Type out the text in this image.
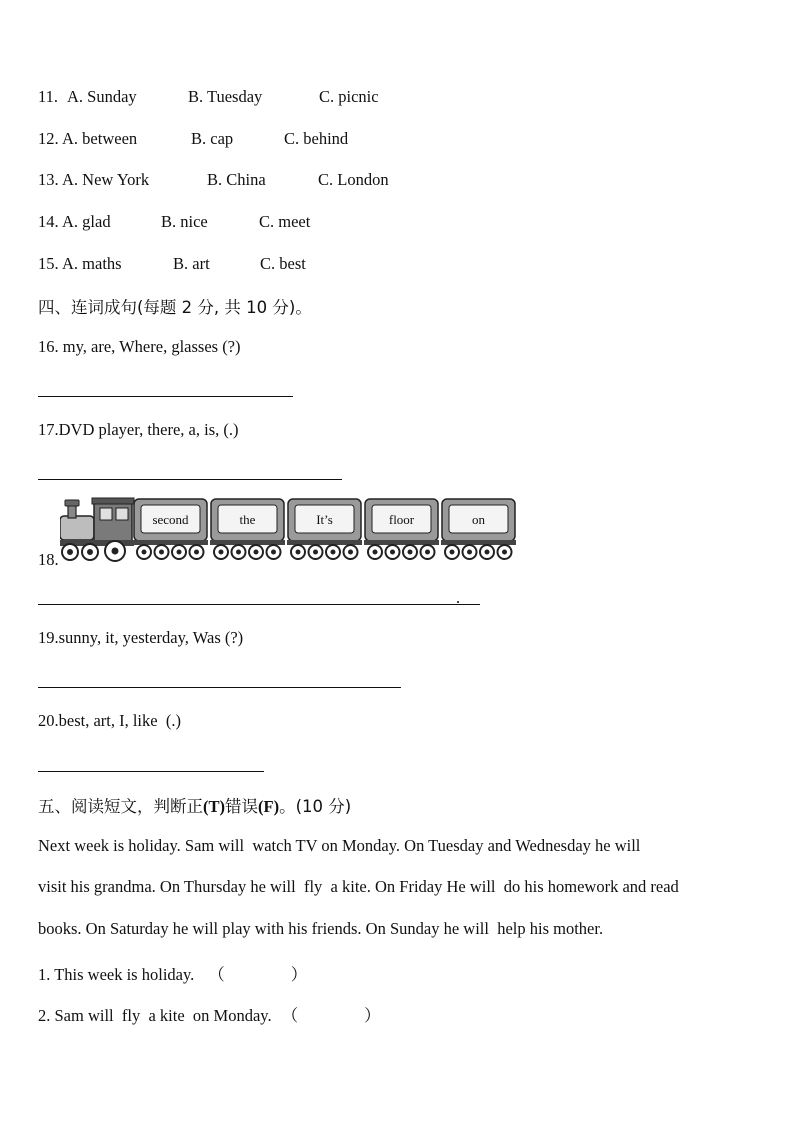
11. A. Sunday	B. Tuesday	C. picnic
12. A. between	B. cap	C. behind
13. A. New York	B. China	C. London
14. A. glad	B. nice	C. meet
15. A. maths	B. art	C. best
四、连词成句(每题 2 分, 共 10 分)。
16. my, are, Where, glasses (?)
17.DVD player, there, a, is, (.)
second	the	It’s	floor	on
18.
.
19.sunny, it, yesterday, Was (?)
20.best, art, I, like  (.)
五、阅读短文，判断正(T)错误(F)。(10 分)
Next week is holiday. Sam will  watch TV on Monday. On Tuesday and Wednesday he will
visit his grandma. On Thursday he will  fly  a kite. On Friday He will  do his homework and read
books. On Saturday he will play with his friends. On Sunday he will  help his mother.
1. This week is holiday. （　　　　）
2. Sam will  fly  a kite  on Monday. （　　　　）
